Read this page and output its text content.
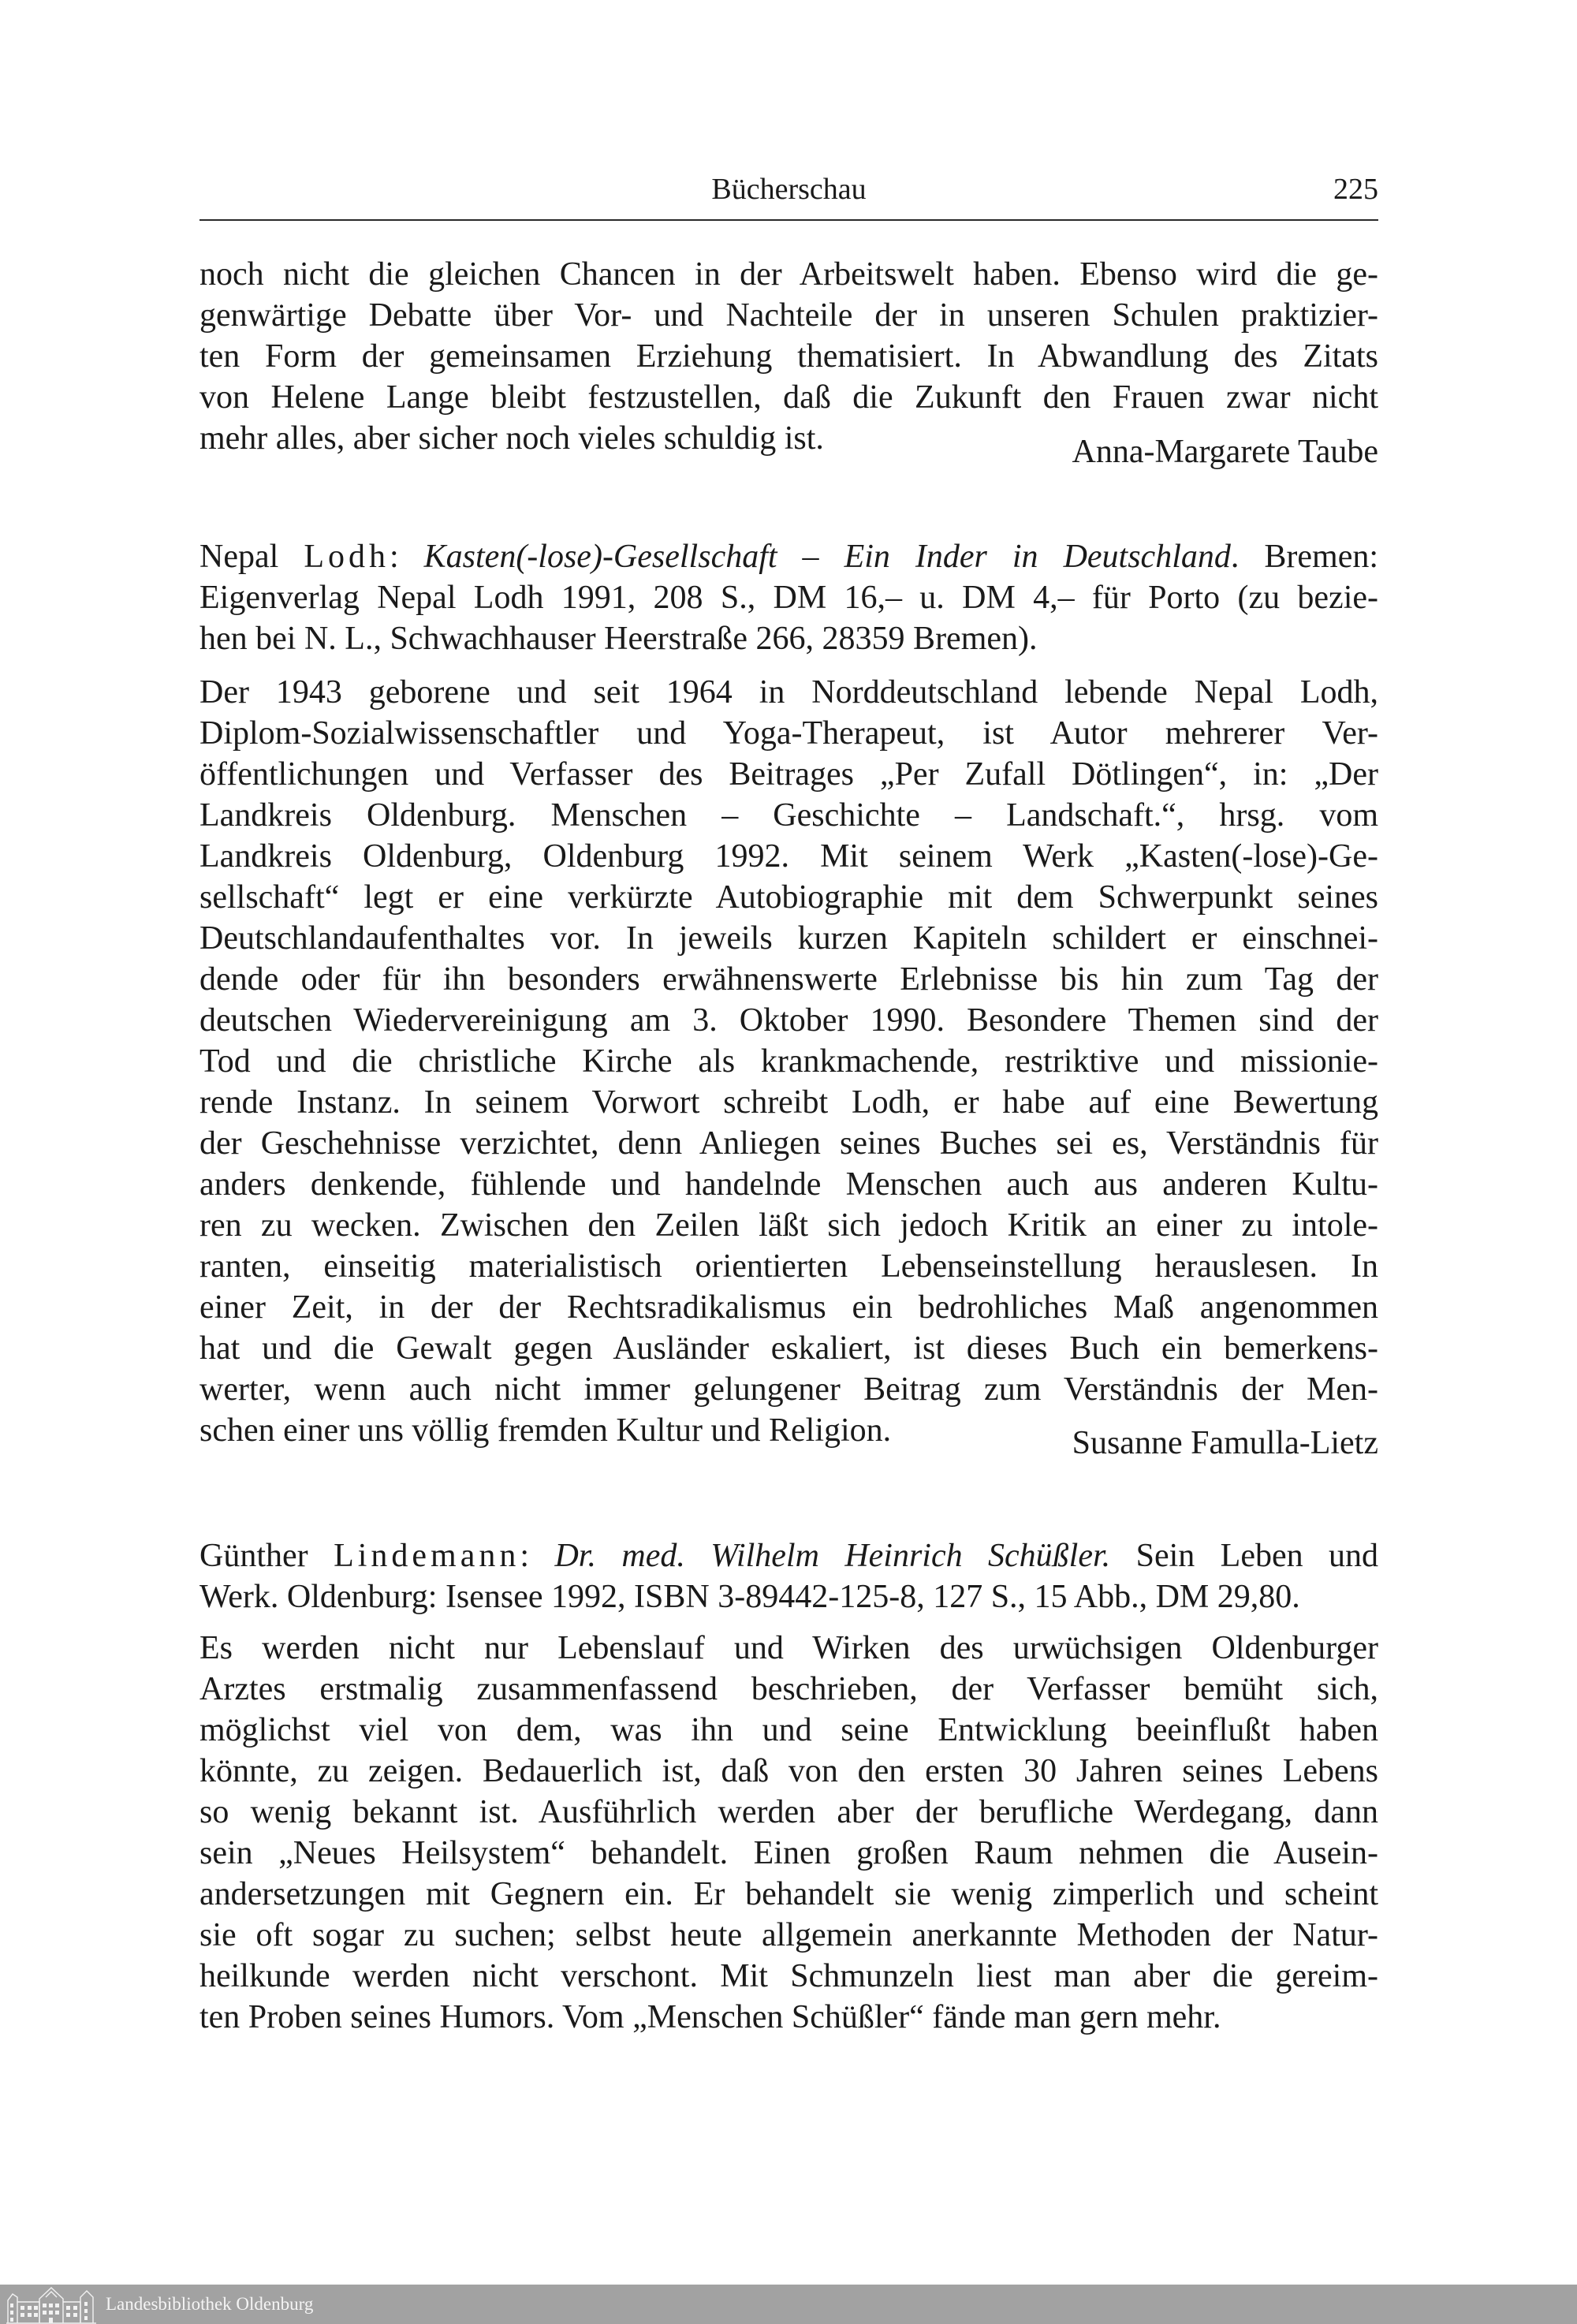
Bücherschau	225
noch nicht die gleichen Chancen in der Arbeitswelt haben. Ebenso wird die ge-
genwärtige Debatte über Vor- und Nachteile der in unseren Schulen praktizier-
ten Form der gemeinsamen Erziehung thematisiert. In Abwandlung des Zitats
von Helene Lange bleibt festzustellen, daß die Zukunft den Frauen zwar nicht
mehr alles, aber sicher noch vieles schuldig ist.	Anna-Margarete Taube
Nepal Lodh: Kasten(-lose)-Gesellschaft – Ein Inder in Deutschland. Bremen:
Eigenverlag Nepal Lodh 1991, 208 S., DM 16,– u. DM 4,– für Porto (zu bezie-
hen bei N. L., Schwachhauser Heerstraße 266, 28359 Bremen).
Der 1943 geborene und seit 1964 in Norddeutschland lebende Nepal Lodh,
Diplom-Sozialwissenschaftler und Yoga-Therapeut, ist Autor mehrerer Ver-
öffentlichungen und Verfasser des Beitrages „Per Zufall Dötlingen“, in: „Der
Landkreis Oldenburg. Menschen – Geschichte – Landschaft.“, hrsg. vom
Landkreis Oldenburg, Oldenburg 1992. Mit seinem Werk „Kasten(-lose)-Ge-
sellschaft“ legt er eine verkürzte Autobiographie mit dem Schwerpunkt seines
Deutschlandaufenthaltes vor. In jeweils kurzen Kapiteln schildert er einschnei-
dende oder für ihn besonders erwähnenswerte Erlebnisse bis hin zum Tag der
deutschen Wiedervereinigung am 3. Oktober 1990. Besondere Themen sind der
Tod und die christliche Kirche als krankmachende, restriktive und missionie-
rende Instanz. In seinem Vorwort schreibt Lodh, er habe auf eine Bewertung
der Geschehnisse verzichtet, denn Anliegen seines Buches sei es, Verständnis für
anders denkende, fühlende und handelnde Menschen auch aus anderen Kultu-
ren zu wecken. Zwischen den Zeilen läßt sich jedoch Kritik an einer zu intole-
ranten, einseitig materialistisch orientierten Lebenseinstellung herauslesen. In
einer Zeit, in der der Rechtsradikalismus ein bedrohliches Maß angenommen
hat und die Gewalt gegen Ausländer eskaliert, ist dieses Buch ein bemerkens-
werter, wenn auch nicht immer gelungener Beitrag zum Verständnis der Men-
schen einer uns völlig fremden Kultur und Religion.	Susanne Famulla-Lietz
Günther Lindemann: Dr. med. Wilhelm Heinrich Schüßler. Sein Leben und
Werk. Oldenburg: Isensee 1992, ISBN 3-89442-125-8, 127 S., 15 Abb., DM 29,80.
Es werden nicht nur Lebenslauf und Wirken des urwüchsigen Oldenburger
Arztes erstmalig zusammenfassend beschrieben, der Verfasser bemüht sich,
möglichst viel von dem, was ihn und seine Entwicklung beeinflußt haben
könnte, zu zeigen. Bedauerlich ist, daß von den ersten 30 Jahren seines Lebens
so wenig bekannt ist. Ausführlich werden aber der berufliche Werdegang, dann
sein „Neues Heilsystem“ behandelt. Einen großen Raum nehmen die Ausein-
andersetzungen mit Gegnern ein. Er behandelt sie wenig zimperlich und scheint
sie oft sogar zu suchen; selbst heute allgemein anerkannte Methoden der Natur-
heilkunde werden nicht verschont. Mit Schmunzeln liest man aber die gereim-
ten Proben seines Humors. Vom „Menschen Schüßler“ fände man gern mehr.
Landesbibliothek Oldenburg
